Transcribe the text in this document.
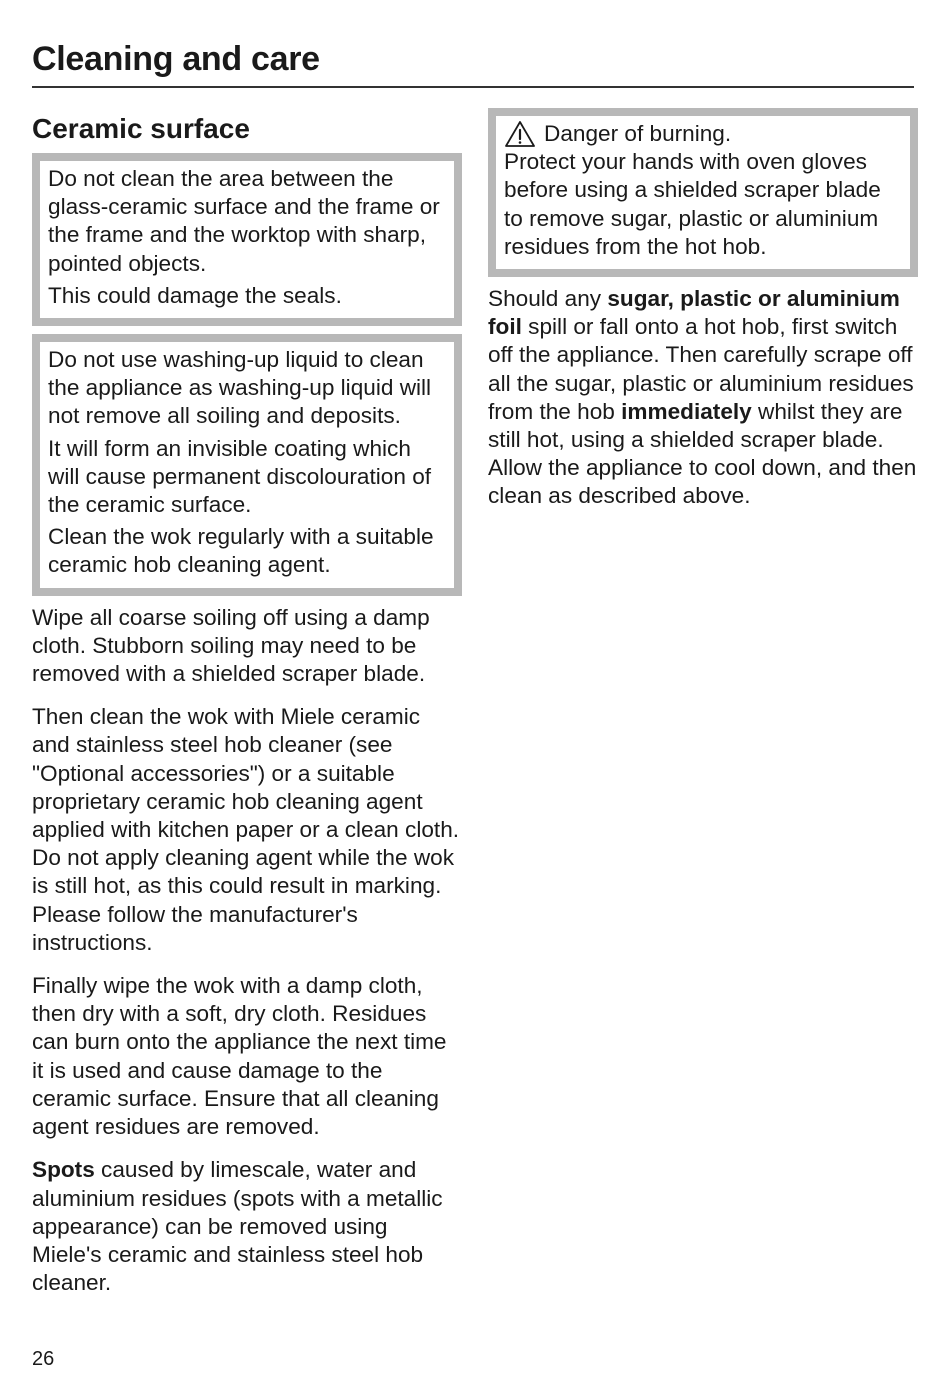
Cleaning and care
Ceramic surface

Do not clean the area between the glass-ceramic surface and the frame or the frame and the worktop with sharp, pointed objects.

This could damage the seals.

Do not use washing-up liquid to clean the appliance as washing-up liquid will not remove all soiling and deposits.

It will form an invisible coating which will cause permanent discolouration of the ceramic surface.

Clean the wok regularly with a suitable ceramic hob cleaning agent.

Wipe all coarse soiling off using a damp cloth. Stubborn soiling may need to be removed with a shielded scraper blade.

Then clean the wok with Miele ceramic and stainless steel hob cleaner (see "Optional accessories") or a suitable proprietary ceramic hob cleaning agent applied with kitchen paper or a clean cloth. Do not apply cleaning agent while the wok is still hot, as this could result in marking. Please follow the manufacturer's instructions.

Finally wipe the wok with a damp cloth, then dry with a soft, dry cloth. Residues can burn onto the appliance the next time it is used and cause damage to the ceramic surface. Ensure that all cleaning agent residues are removed.

Spots caused by limescale, water and aluminium residues (spots with a metallic appearance) can be removed using Miele's ceramic and stainless steel hob cleaner.

Danger of burning.

Protect your hands with oven gloves before using a shielded scraper blade to remove sugar, plastic or aluminium residues from the hot hob.

Should any sugar, plastic or aluminium foil spill or fall onto a hot hob, first switch off the appliance. Then carefully scrape off all the sugar, plastic or aluminium residues from the hob immediately whilst they are still hot, using a shielded scraper blade. Allow the appliance to cool down, and then clean as described above.

26
